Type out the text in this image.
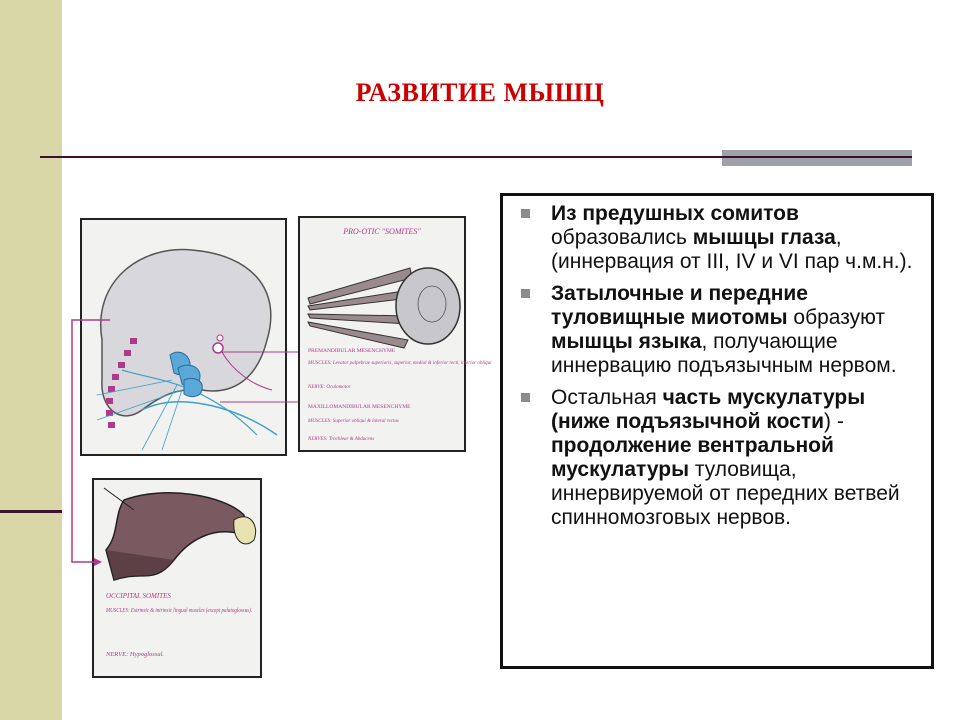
РАЗВИТИЕ МЫШЦ
PRO-OTIC "SOMITES"
PREMANDIBULAR MESENCHYME
MUSCLES: Levator palpebrae superioris, superior, medial & inferior recti, inferior obliqui
NERVE: Oculomotor
MAXILLOMANDIBULAR MESENCHYME
MUSCLES: Superior obliqui & lateral rectus
NERVES: Trochlear & Abducens
OCCIPITAL SOMITES
MUSCLES: Extrinsic & intrinsic lingual muscles (except palatoglossus).
NERVE: Hypoglossal.
Из предушных сомитов образовались мышцы глаза, (иннервация от III, IV и VI пар ч.м.н.).
Затылочные и передние туловищные миотомы образуют мышцы языка, получающие иннервацию подъязычным нервом.
Остальная часть мускулатуры (ниже подъязычной кости) - продолжение вентральной мускулатуры туловища, иннервируемой от передних ветвей спинномозговых нервов.
